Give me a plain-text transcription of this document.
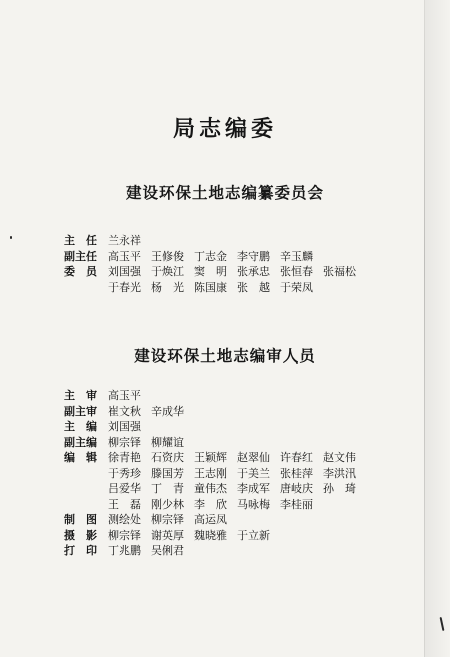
局志编委
建设环保土地志编纂委员会
主　任	兰永祥
副主任	高玉平 王修俊 丁志金 李守鹏 辛玉麟
委　员	刘国强 于焕江 窦　明 张承忠 张恒春 张福松
于春光 杨　光 陈国康 张　越 于荣凤
建设环保土地志编审人员
主　审	高玉平
副主审	崔文秋 辛成华
主　编	刘国强
副主编	柳宗铎 柳耀谊
编　辑	徐青艳 石资庆 王颖辉 赵翠仙 许春红 赵文伟
于秀珍 滕国芳 王志刚 于美兰 张桂萍 李洪汛
吕爱华 丁　青 童伟杰 李成军 唐岐庆 孙　琦
王　磊 刚少林 李　欣 马咏梅 李桂丽
制　图	测绘处 柳宗铎 高运凤
摄　影	柳宗铎 谢英厚 魏晓雅 于立新
打　印	丁兆鹏 吴俐君
